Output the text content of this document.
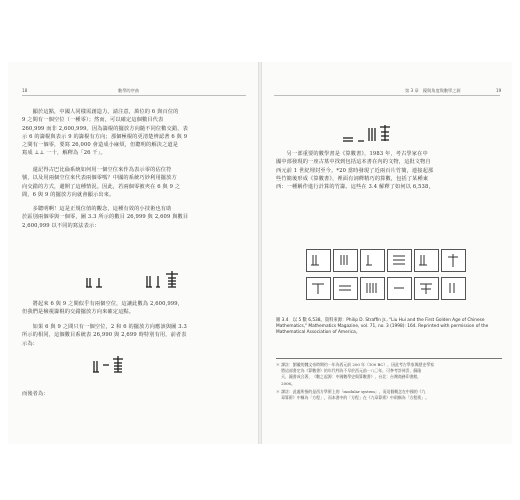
18	數學的序曲
　　顯於這點，中國人同樣需創造力，請注意，萬位的 6 與百位的
9 之間有一個空位（一種零）；然而，可以確定這個數目代表
260,999 而非 2,600,999。因為籌棍的擺放方向隨不同位數交錯，表
示 6 的籌棍與表示 9 的籌棍有方向；那個極棍的更清楚辨認著 6 與 9
之間有一個零，要寫 26,000 會造成小麻煩，但聰明的解決之道是
寫成 ⊥⊥ 一十，解釋為「26 千」。
　　還記得古巴比倫系統如何用一個空位來作為表示零的佔位符
號，以及用兩個空位來代表兩個零嗎？中國的系統巧妙利用擺放方
向交錯的方式，避開了這種情況。因此，若兩個零被夾在 6 與 9 之
間，6 與 9 的擺放方向就會顯示出來。
　　多聰明啊！這是正規位值的觀念，這種有效的小技術也有助
於區別兩個零與一個零，圖 3.3 所示的數目 26,999 與 2,609 與數目
2,600,999 以不同的寫法表示：
　　將起來 6 與 9 之間似乎有兩個空位，這讓此數為 2,600,999，
但我們是檢視籌棍的交錯擺放方向來確定這點。
　　如果 6 與 9 之間只有一個空位，2 和 6 的擺放方向應該與圖 3.3
所示的相同，這個數目系統表 26,990 與 2,699 時特別有用，前者表
示為：
而後者為：
第 3 章　鏡與角度與數學之源	19
　　另一部重要的數學書是《算數書》，1983 年，考古學家在中
國中部發現的一座古墓中找到包括這本書在內的文物，這批文物自
西元前 1 世紀埋封至今。*20 當時發現了近兩百片竹簡，連接起那
些竹簡後形成《算數書》，裡面有詞釋精巧的算數，包括了某種東
西：一種稱作進行計算的竹籌。這些在 3.4 解釋了如何以 6,538，
圖 3.4　以 5 數 6,538。資料來源：Philip D. Straffin Jr., "Liu Hui and the First Golden Age of Chinese Mathematics," Mathematics Magazine, vol. 71, no. 3 (1998): 164. Reprinted with permission of the Mathematical Association of America。
＊ 譯註：劉徽的魏文帝時期約一年為西元前 200 年（100 BC），因此考古學家與歷史學家
　 將這部書定為《算數書》的年代判為不早於西元前一八〇年，可參考許倬雲，蘇隆
　 天，鐘書成合著，《數之起源：中國數學史與算數書》，台北：台灣商務印書館，
　 2006。
＊ 譯註：此處所指的是西方學術上的「modular system」，而這個概念在中國的《九
　 章算術》中稱為「方程」，而本書中的「方程」在《九章算術》中則稱為「方程術」。
